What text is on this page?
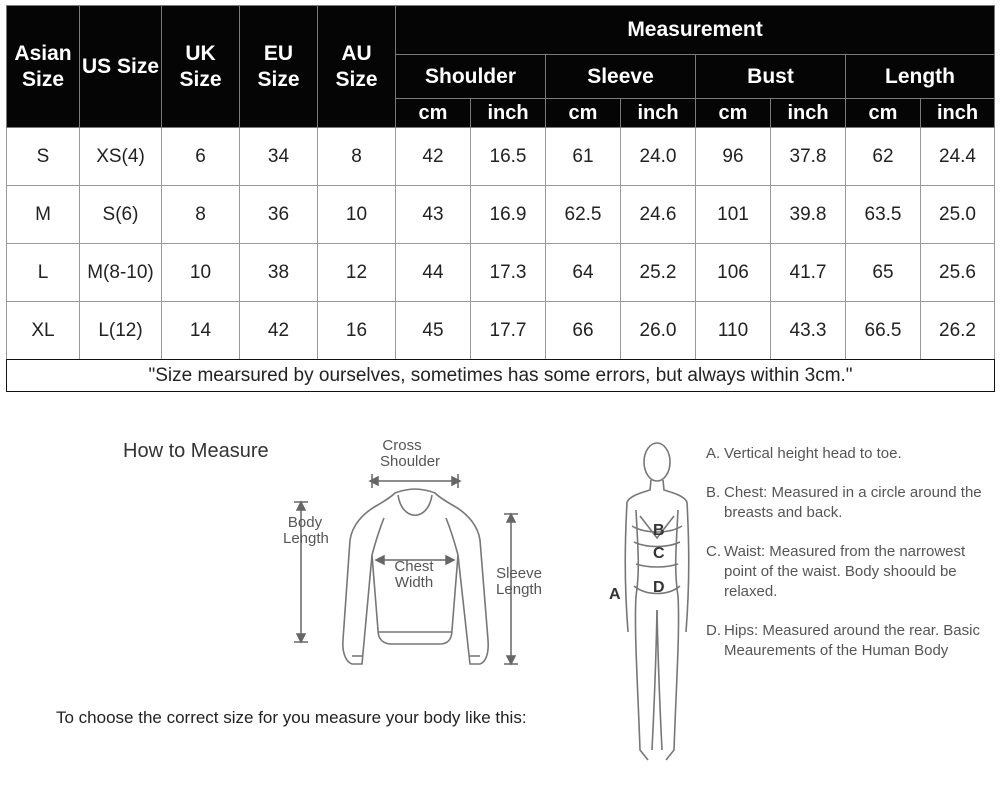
Asian Size	US Size	UK Size	EU Size	AU Size	Measurement							
					Shoulder		Sleeve		Bust		Length	
					cm	inch	cm	inch	cm	inch	cm	inch
S	XS(4)	6	34	8	42	16.5	61	24.0	96	37.8	62	24.4
M	S(6)	8	36	10	43	16.9	62.5	24.6	101	39.8	63.5	25.0
L	M(8-10)	10	38	12	44	17.3	64	25.2	106	41.7	65	25.6
XL	L(12)	14	42	16	45	17.7	66	26.0	110	43.3	66.5	26.2
"Size mearsured by ourselves, sometimes has some errors, but always within 3cm."												
How to Measure	Cross Shoulder
Body Length
Chest Width
Sleeve Length	A
B
C
D
To choose the correct size for you measure your body like this:
A. Vertical height head to toe.
B. Chest: Measured in a circle around the breasts and back.
C. Waist: Measured from the narrowest point of the waist. Body shoould be relaxed.
D. Hips: Measured around the rear. Basic Meaurements of the Human Body
